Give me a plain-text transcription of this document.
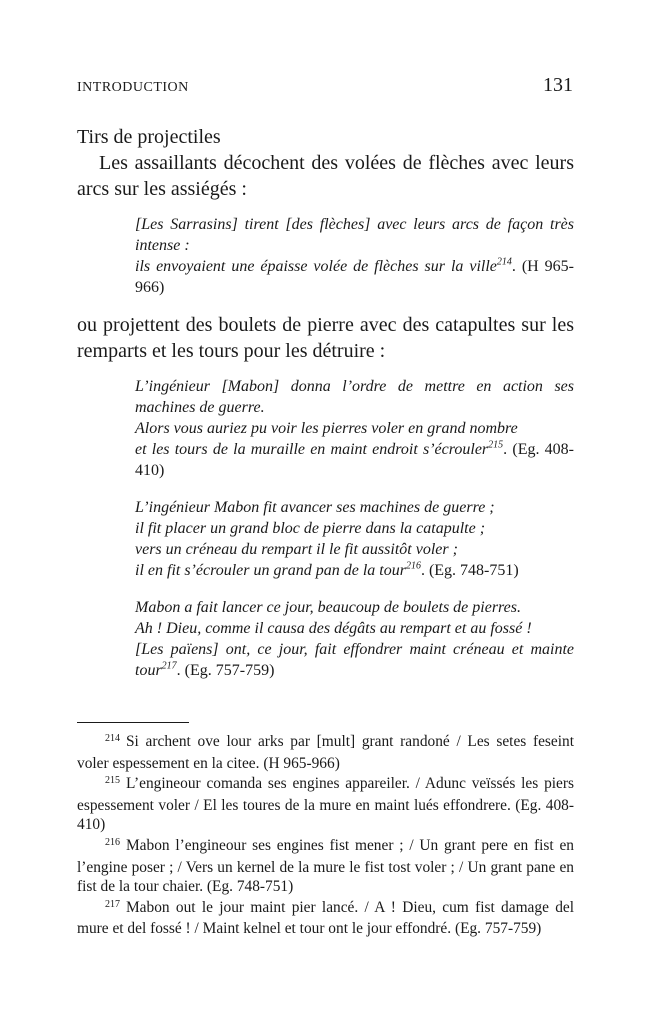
INTRODUCTION	131

Tirs de projectiles

Les assaillants décochent des volées de flèches avec leurs arcs sur les assiégés :

[Les Sarrasins] tirent [des flèches] avec leurs arcs de façon très intense :
ils envoyaient une épaisse volée de flèches sur la ville$^{214}$. (H 965-966)

ou projettent des boulets de pierre avec des catapultes sur les remparts et les tours pour les détruire :

L’ingénieur [Mabon] donna l’ordre de mettre en action ses machines de guerre.
Alors vous auriez pu voir les pierres voler en grand nombre
et les tours de la muraille en maint endroit s’écrouler$^{215}$. (Eg. 408-410)
L’ingénieur Mabon fit avancer ses machines de guerre ;
il fit placer un grand bloc de pierre dans la catapulte ;
vers un créneau du rempart il le fit aussitôt voler ;
il en fit s’écrouler un grand pan de la tour$^{216}$. (Eg. 748-751)
Mabon a fait lancer ce jour, beaucoup de boulets de pierres.
Ah ! Dieu, comme il causa des dégâts au rempart et au fossé !
[Les païens] ont, ce jour, fait effondrer maint créneau et mainte tour$^{217}$. (Eg. 757-759)

$^{214}$ Si archent ove lour arks par [mult] grant randoné / Les setes feseint voler espessement en la citee. (H 965-966)

$^{215}$ L’engineour comanda ses engines appareiler. / Adunc veïssés les piers espessement voler / El les toures de la mure en maint lués effondrere. (Eg. 408-410)

$^{216}$ Mabon l’engineour ses engines fist mener ; / Un grant pere en fist en l’engine poser ; / Vers un kernel de la mure le fist tost voler ; / Un grant pane en fist de la tour chaier. (Eg. 748-751)

$^{217}$ Mabon out le jour maint pier lancé. / A ! Dieu, cum fist damage del mure et del fossé ! / Maint kelnel et tour ont le jour effondré. (Eg. 757-759)
